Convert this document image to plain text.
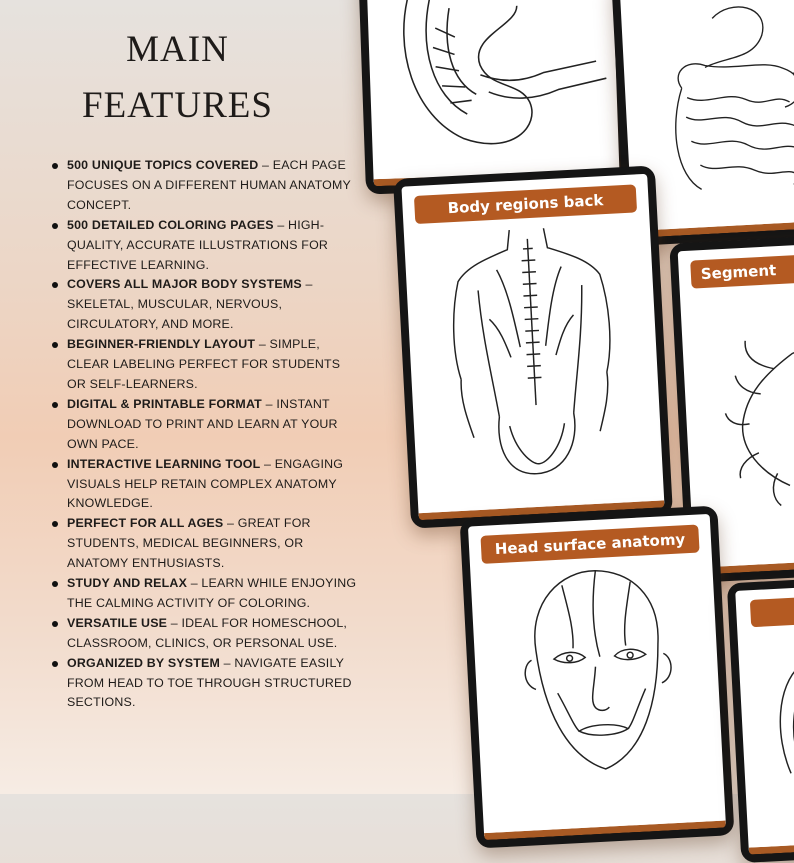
MAIN
FEATURES
500 UNIQUE TOPICS COVERED – EACH PAGE FOCUSES ON A DIFFERENT HUMAN ANATOMY CONCEPT.
500 DETAILED COLORING PAGES – HIGH-QUALITY, ACCURATE ILLUSTRATIONS FOR EFFECTIVE LEARNING.
COVERS ALL MAJOR BODY SYSTEMS – SKELETAL, MUSCULAR, NERVOUS, CIRCULATORY, AND MORE.
BEGINNER-FRIENDLY LAYOUT – SIMPLE, CLEAR LABELING PERFECT FOR STUDENTS OR SELF-LEARNERS.
DIGITAL & PRINTABLE FORMAT – INSTANT DOWNLOAD TO PRINT AND LEARN AT YOUR OWN PACE.
INTERACTIVE LEARNING TOOL – ENGAGING VISUALS HELP RETAIN COMPLEX ANATOMY KNOWLEDGE.
PERFECT FOR ALL AGES – GREAT FOR STUDENTS, MEDICAL BEGINNERS, OR ANATOMY ENTHUSIASTS.
STUDY AND RELAX – LEARN WHILE ENJOYING THE CALMING ACTIVITY OF COLORING.
VERSATILE USE – IDEAL FOR HOMESCHOOL, CLASSROOM, CLINICS, OR PERSONAL USE.
ORGANIZED BY SYSTEM – NAVIGATE EASILY FROM HEAD TO TOE THROUGH STRUCTURED SECTIONS.
Body regions back
Segment
Head surface anatomy
